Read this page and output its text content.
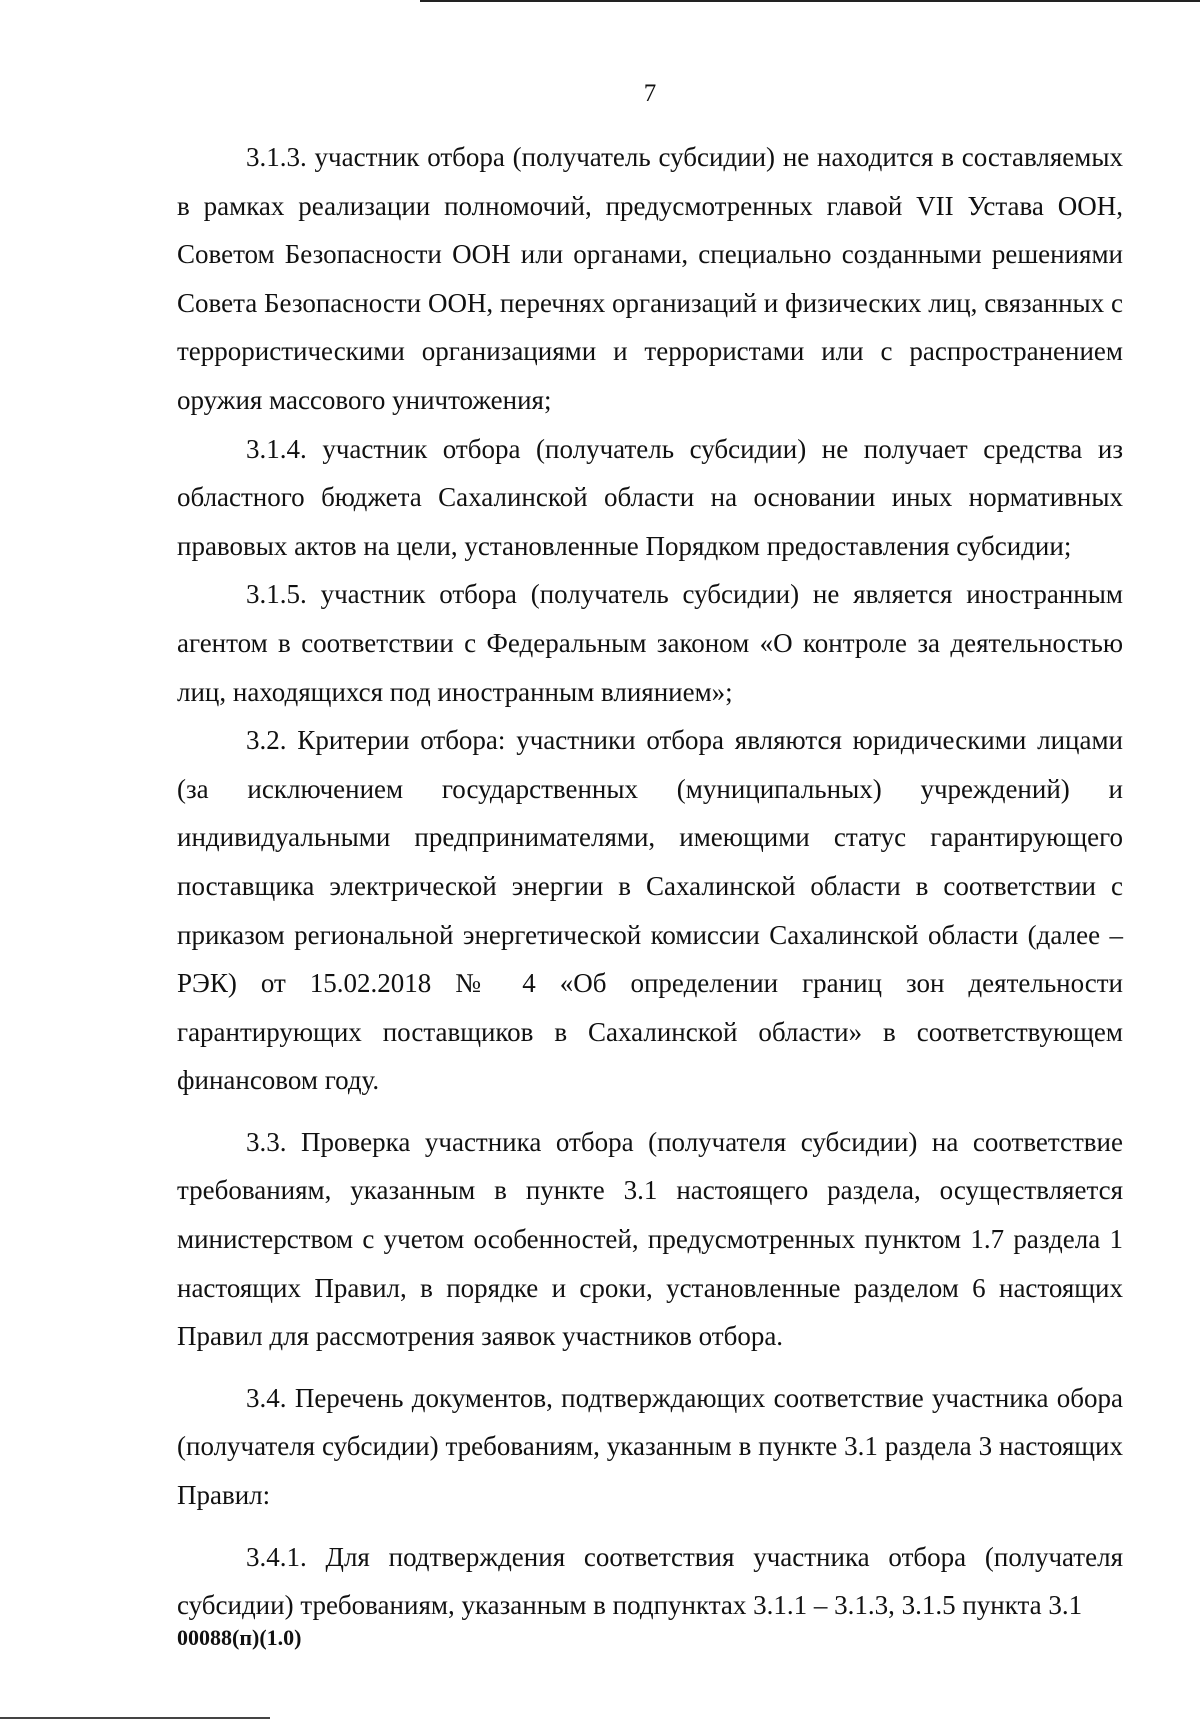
7

3.1.3. участник отбора (получатель субсидии) не находится в составляемых в рамках реализации полномочий, предусмотренных главой VII Устава ООН, Советом Безопасности ООН или органами, специально созданными решениями Совета Безопасности ООН, перечнях организаций и физических лиц, связанных с террористическими организациями и террористами или с распространением оружия массового уничтожения;

3.1.4. участник отбора (получатель субсидии) не получает средства из областного бюджета Сахалинской области на основании иных нормативных правовых актов на цели, установленные Порядком предоставления субсидии;

3.1.5. участник отбора (получатель субсидии) не является иностранным агентом в соответствии с Федеральным законом «О контроле за деятельностью лиц, находящихся под иностранным влиянием»;

3.2. Критерии отбора: участники отбора являются юридическими лицами (за исключением государственных (муниципальных) учреждений) и индивидуальными предпринимателями, имеющими статус гарантирующего поставщика электрической энергии в Сахалинской области в соответствии с приказом региональной энергетической комиссии Сахалинской области (далее – РЭК) от 15.02.2018 № 4 «Об определении границ зон деятельности гарантирующих поставщиков в Сахалинской области» в соответствующем финансовом году.

3.3. Проверка участника отбора (получателя субсидии) на соответствие требованиям, указанным в пункте 3.1 настоящего раздела, осуществляется министерством с учетом особенностей, предусмотренных пунктом 1.7 раздела 1 настоящих Правил, в порядке и сроки, установленные разделом 6 настоящих Правил для рассмотрения заявок участников отбора.

3.4. Перечень документов, подтверждающих соответствие участника обора (получателя субсидии) требованиям, указанным в пункте 3.1 раздела 3 настоящих Правил:

3.4.1. Для подтверждения соответствия участника отбора (получателя субсидии) требованиям, указанным в подпунктах 3.1.1 – 3.1.3, 3.1.5 пункта 3.1

00088(п)(1.0)
